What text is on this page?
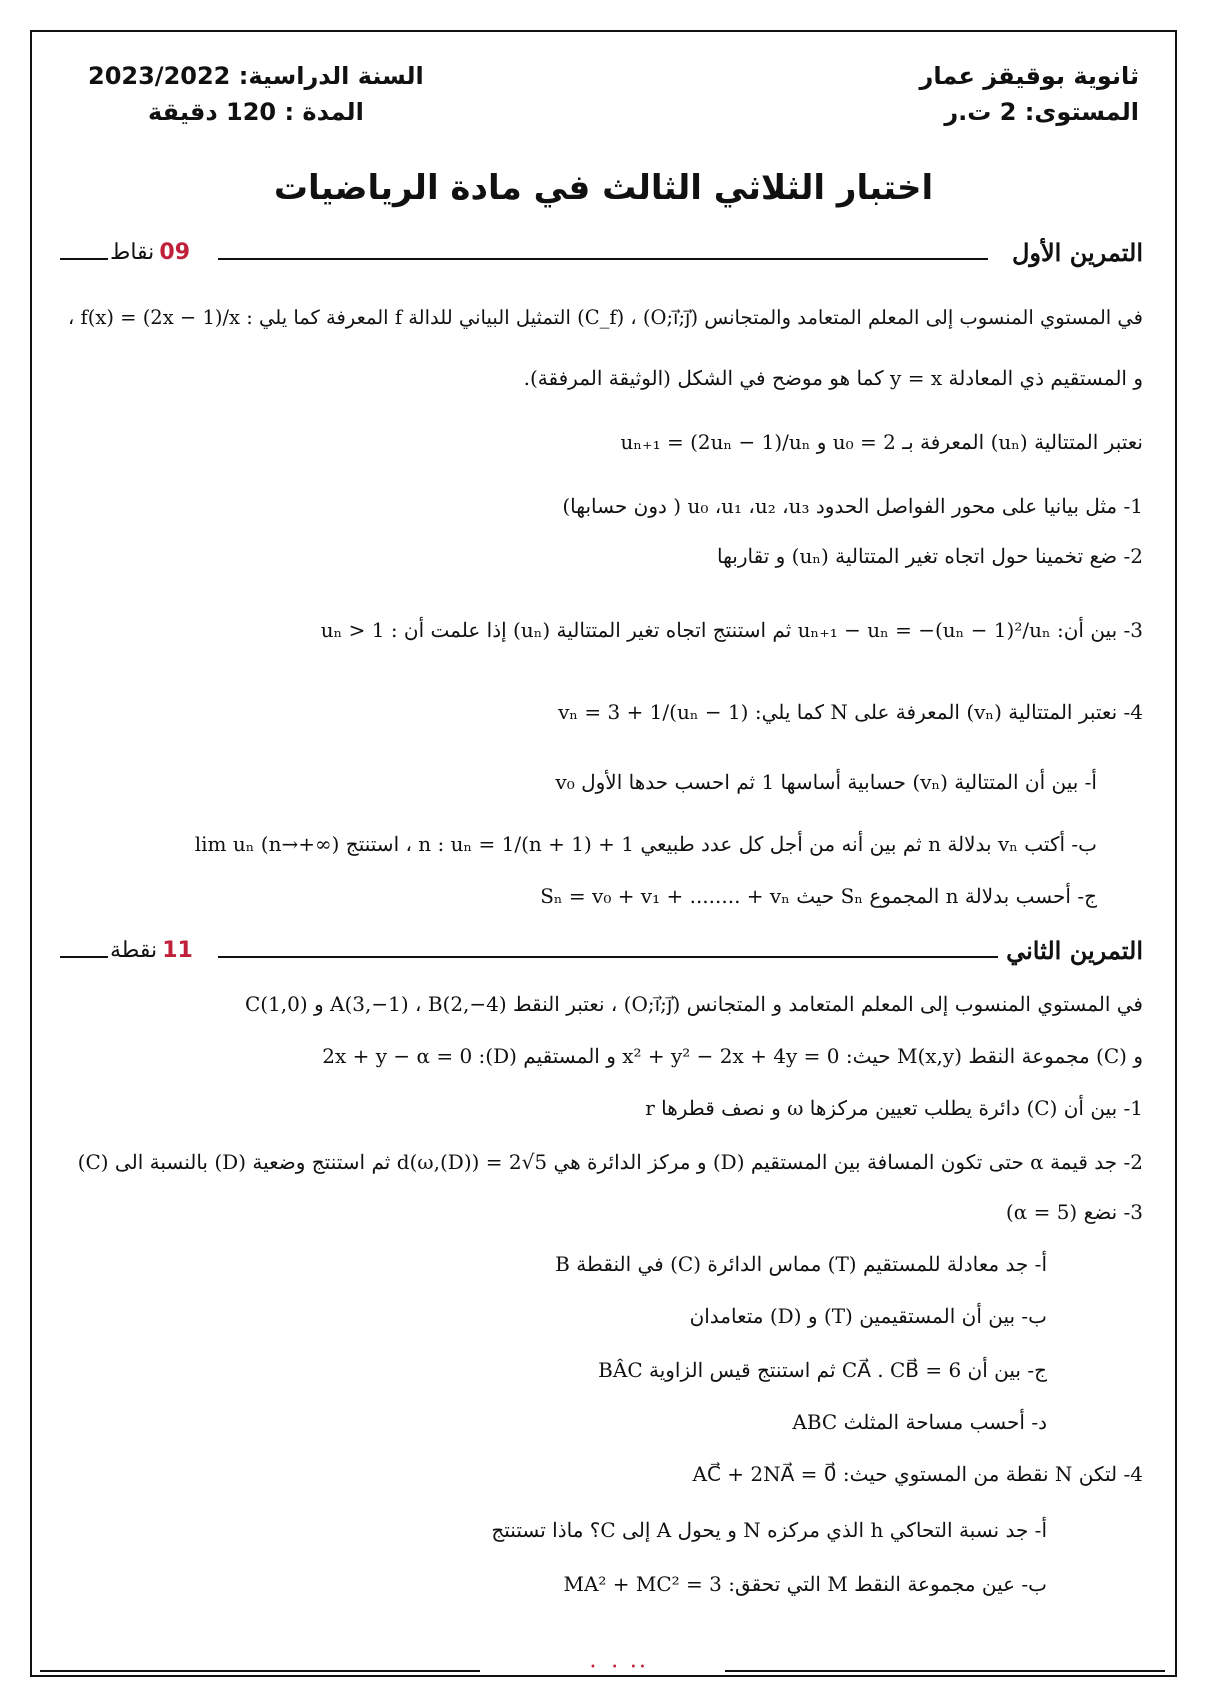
ثانوية بوقيقز عمار
المستوى: 2 ت.ر
السنة الدراسية: 2023/2022
المدة : 120 دقيقة
اختبار الثلاثي الثالث في مادة الرياضيات
التمرين الأول
09 نقاط
في المستوي المنسوب إلى المعلم المتعامد والمتجانس (O;i⃗;j⃗) ، (C_f) التمثيل البياني للدالة f المعرفة كما يلي : f(x) = (2x − 1)/x ،
و المستقيم ذي المعادلة y = x كما هو موضح في الشكل (الوثيقة المرفقة).
نعتبر المتتالية (uₙ) المعرفة بـ u₀ = 2 و uₙ₊₁ = (2uₙ − 1)/uₙ
1- مثل بيانيا على محور الفواصل الحدود u₀ ،u₁ ،u₂ ،u₃ ( دون حسابها)
2- ضع تخمينا حول اتجاه تغير المتتالية (uₙ) و تقاربها
3- بين أن: uₙ₊₁ − uₙ = −(uₙ − 1)²/uₙ ثم استنتج اتجاه تغير المتتالية (uₙ) إذا علمت أن : uₙ > 1
4- نعتبر المتتالية (vₙ) المعرفة على N كما يلي: vₙ = 3 + 1/(uₙ − 1)
أ- بين أن المتتالية (vₙ) حسابية أساسها 1 ثم احسب حدها الأول v₀
ب- أكتب vₙ بدلالة n ثم بين أنه من أجل كل عدد طبيعي n : uₙ = 1/(n + 1) + 1 ، استنتج lim uₙ (n→+∞)
ج- أحسب بدلالة n المجموع Sₙ حيث Sₙ = v₀ + v₁ + ........ + vₙ
التمرين الثاني
11 نقطة
في المستوي المنسوب إلى المعلم المتعامد و المتجانس (O;i⃗;j⃗) ، نعتبر النقط A(3,−1) ، B(2,−4) و C(1,0)
و (C) مجموعة النقط M(x,y) حيث: x² + y² − 2x + 4y = 0 و المستقيم (D): 2x + y − α = 0
1- بين أن (C) دائرة يطلب تعيين مركزها ω و نصف قطرها r
2- جد قيمة α حتى تكون المسافة بين المستقيم (D) و مركز الدائرة هي d(ω,(D)) = 2√5 ثم استنتج وضعية (D) بالنسبة الى (C)
3- نضع (α = 5)
أ- جد معادلة للمستقيم (T) مماس الدائرة (C) في النقطة B
ب- بين أن المستقيمين (T) و (D) متعامدان
ج- بين أن CA⃗ . CB⃗ = 6 ثم استنتج قيس الزاوية BÂC
د- أحسب مساحة المثلث ABC
4- لتكن N نقطة من المستوي حيث: AC⃗ + 2NA⃗ = 0⃗
أ- جد نسبة التحاكي h الذي مركزه N و يحول A إلى C؟ ماذا تستنتج
ب- عين مجموعة النقط M التي تحقق: MA² + MC² = 3
•     •    • •
